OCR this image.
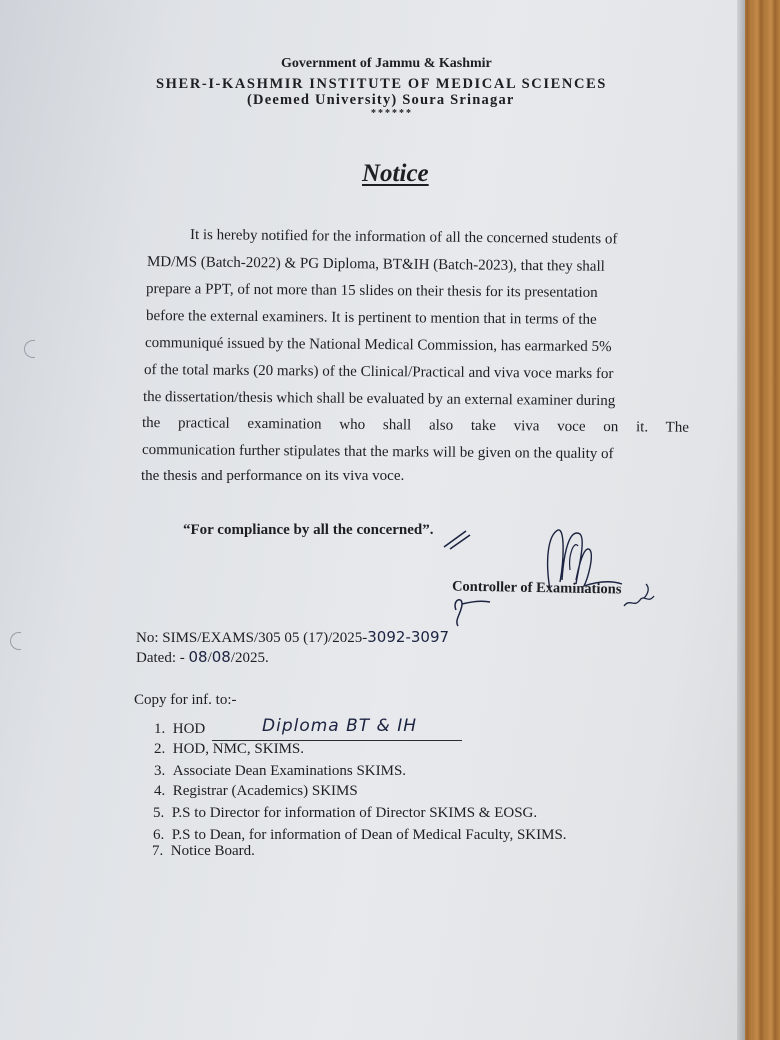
Government of Jammu & Kashmir
SHER-I-KASHMIR INSTITUTE OF MEDICAL SCIENCES
(Deemed University) Soura Srinagar
******
Notice
It is hereby notified for the information of all the concerned students of
MD/MS (Batch-2022) & PG Diploma, BT&IH (Batch-2023), that they shall
prepare a PPT, of not more than 15 slides on their thesis for its presentation
before the external examiners. It is pertinent to mention that in terms of the
communiqué issued by the National Medical Commission, has earmarked 5%
of the total marks (20 marks) of the Clinical/Practical and viva voce marks for
the dissertation/thesis which shall be evaluated by an external examiner during
the practical examination who shall also take viva voce on it. The
communication further stipulates that the marks will be given on the quality of
the thesis and performance on its viva voce.
“For compliance by all the concerned”.
Controller of Examinations
No: SIMS/EXAMS/305 05 (17)/2025-3092-3097
Dated: - 08/08/2025.
Copy for inf. to:-
1. HOD	Diploma BT & IH
2. HOD, NMC, SKIMS.
3. Associate Dean Examinations SKIMS.
4. Registrar (Academics) SKIMS
5. P.S to Director for information of Director SKIMS & EOSG.
6. P.S to Dean, for information of Dean of Medical Faculty, SKIMS.
7. Notice Board.
